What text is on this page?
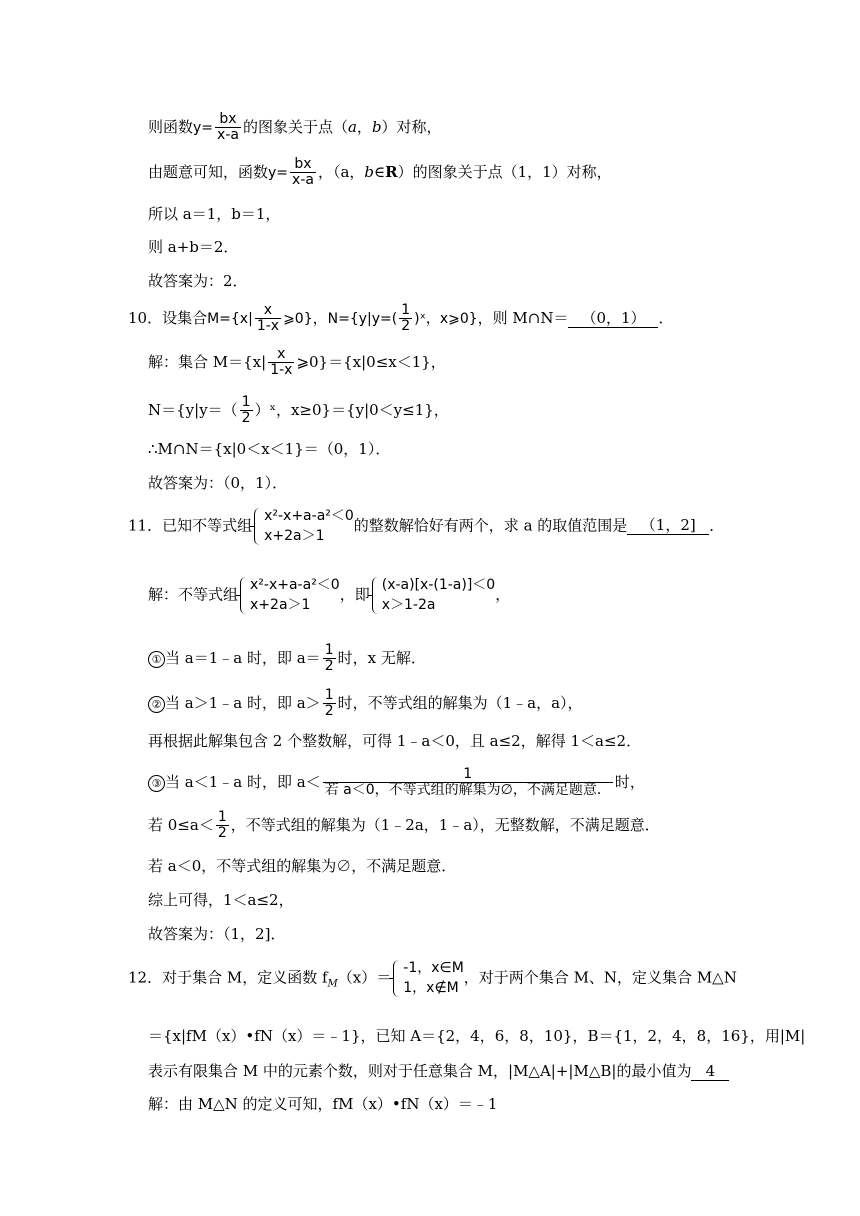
则函数$y= \frac{bx}{x-a}$ 的图象关于点（a，b）对称，
由题意可知，函数$y= \frac{bx}{x-a}$ ，（a，b∈R）的图象关于点（1，1）对称，
所以 a＝1，b＝1，
则 a+b＝2．
故答案为：2．
10．设集合$M=\{x| \frac{x}{1-x}$ ⩾0}，$N=\{y|y=( \frac{1}{2}$ )ˣ，x⩾0}，则 M∩N＝ （0，1） ．
解：集合 $M=\{x| \frac{x}{1-x}$ ⩾0}＝{x|0≤x＜1}，
$N=\{y|y=( \frac{1}{2}$ ）ˣ，x≥0}＝{y|0＜y≤1}，
∴M∩N＝{x|0＜x＜1}＝（0，1）．
故答案为：（0，1）．
11．已知不等式组
x²-x+a-a²＜0
x+2a＞1
的整数解恰好有两个，求 a 的取值范围是 （1，2] ．
解：不等式组
x²-x+a-a²＜0
x+2a＞1
，即
(x-a)[x-(1-a)]＜0
x＞1-2a
，
① 当 a＝1﹣a 时，即 $a= \frac{1}{2}$ 时，x 无解．
② 当 a＞1﹣a 时，即 $a> \frac{1}{2}$ 时，不等式组的解集为（1﹣a，a），
再根据此解集包含 2 个整数解，可得 1﹣a＜0，且 a≤2，解得 1＜a≤2．
③ 当 a＜1﹣a 时，即 $a< \frac{1}{\text{若 a＜0，不等式组的解集为∅，不满足题意．}}$ 时，
若 $0\le a< \frac{1}{2}$ ，不等式组的解集为（1﹣2a，1﹣a），无整数解，不满足题意．
若 a＜0，不等式组的解集为∅，不满足题意．
综上可得，1＜a≤2，
故答案为：（1，2]．
12．对于集合 M，定义函数 $f_M(x)=$
-1，x∈M
1，x∉M
，对于两个集合 M、N，定义集合 M△N
＝{x|fM（x）•fN（x）＝﹣1}，已知 A＝{2，4，6，8，10}，B＝{1，2，4，8，16}，用|M|
表示有限集合 M 中的元素个数，则对于任意集合 M，|M△A|+|M△B|的最小值为 4
解：由 M△N 的定义可知，fM（x）•fN（x）＝﹣1
